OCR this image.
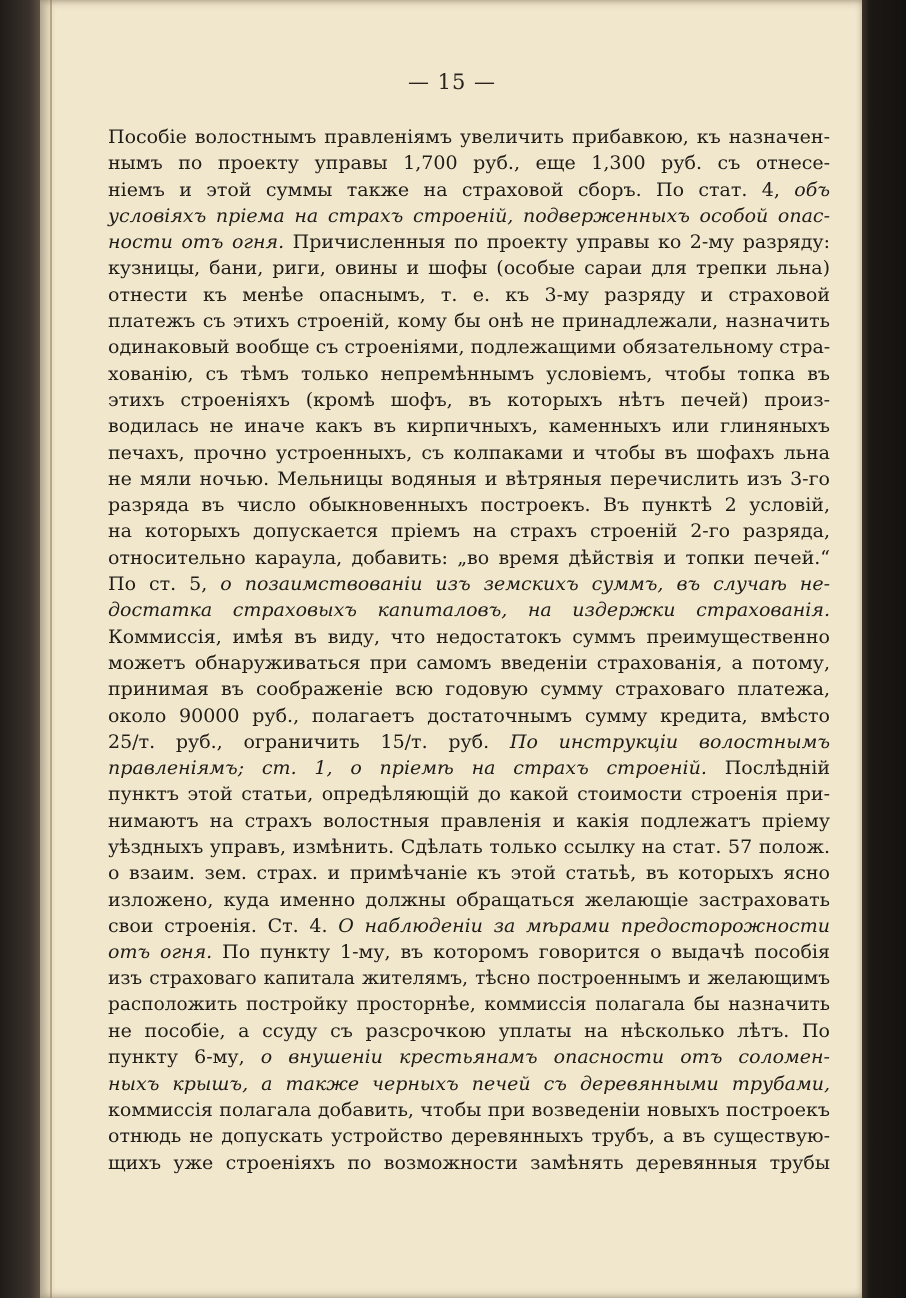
— 15 —
Пособіе волостнымъ правленіямъ увеличить прибавкою, къ назначен-
нымъ по проекту управы 1,700 руб., еще 1,300 руб. съ отнесе-
ніемъ и этой суммы также на страховой сборъ. По стат. 4, объ
условіяхъ пріема на страхъ строеній, подверженныхъ особой опас-
ности отъ огня. Причисленныя по проекту управы ко 2-му разряду:
кузницы, бани, риги, овины и шофы (особые сараи для трепки льна)
отнести къ менѣе опаснымъ, т. е. къ 3-му разряду и страховой
платежъ съ этихъ строеній, кому бы онѣ не принадлежали, назначить
одинаковый вообще съ строеніями, подлежащими обязательному стра-
хованію, съ тѣмъ только непремѣннымъ условіемъ, чтобы топка въ
этихъ строеніяхъ (кромѣ шофъ, въ которыхъ нѣтъ печей) произ-
водилась не иначе какъ въ кирпичныхъ, каменныхъ или глиняныхъ
печахъ, прочно устроенныхъ, съ колпаками и чтобы въ шофахъ льна
не мяли ночью. Мельницы водяныя и вѣтряныя перечислить изъ 3-го
разряда въ число обыкновенныхъ построекъ. Въ пунктѣ 2 условій,
на которыхъ допускается пріемъ на страхъ строеній 2-го разряда,
относительно караула, добавить: „во время дѣйствія и топки печей.“
По ст. 5, о позаимствованіи изъ земскихъ суммъ, въ случаѣ не-
достатка страховыхъ капиталовъ, на издержки страхованія.
Коммиссія, имѣя въ виду, что недостатокъ суммъ преимущественно
можетъ обнаруживаться при самомъ введеніи страхованія, а потому,
принимая въ соображеніе всю годовую сумму страховаго платежа,
около 90000 руб., полагаетъ достаточнымъ сумму кредита, вмѣсто
25/т. руб., ограничить 15/т. руб. По инструкціи волостнымъ
правленіямъ; ст. 1, о пріемѣ на страхъ строеній. Послѣдній
пунктъ этой статьи, опредѣляющій до какой стоимости строенія при-
нимаютъ на страхъ волостныя правленія и какія подлежатъ пріему
уѣздныхъ управъ, измѣнить. Сдѣлать только ссылку на стат. 57 полож.
о взаим. зем. страх. и примѣчаніе къ этой статьѣ, въ которыхъ ясно
изложено, куда именно должны обращаться желающіе застраховать
свои строенія. Ст. 4. О наблюденіи за мѣрами предосторожности
отъ огня. По пункту 1-му, въ которомъ говорится о выдачѣ пособія
изъ страховаго капитала жителямъ, тѣсно построеннымъ и желающимъ
расположить постройку просторнѣе, коммиссія полагала бы назначить
не пособіе, а ссуду съ разсрочкою уплаты на нѣсколько лѣтъ. По
пункту 6-му, о внушеніи крестьянамъ опасности отъ соломен-
ныхъ крышъ, а также черныхъ печей съ деревянными трубами,
коммиссія полагала добавить, чтобы при возведеніи новыхъ построекъ
отнюдь не допускать устройство деревянныхъ трубъ, а въ существую-
щихъ уже строеніяхъ по возможности замѣнять деревянныя трубы
